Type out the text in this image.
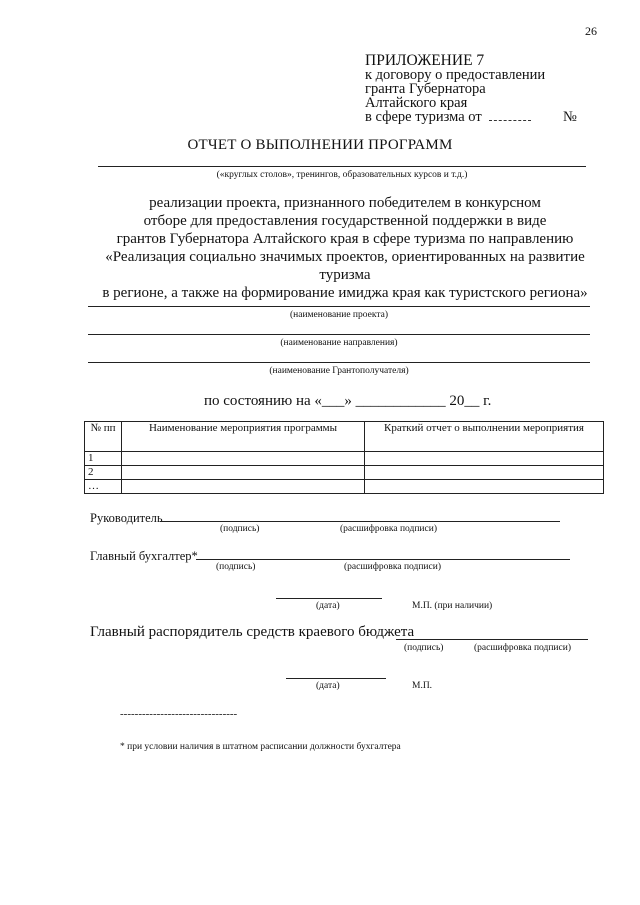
26
ПРИЛОЖЕНИЕ 7
к договору о предоставлении
гранта Губернатора
Алтайского края
в сфере туризма от	№
ОТЧЕТ О ВЫПОЛНЕНИИ ПРОГРАММ
(«круглых столов», тренингов, образовательных курсов и т.д.)
реализации проекта, признанного победителем в конкурсном
отборе для предоставления государственной поддержки в виде
грантов Губернатора Алтайского края в сфере туризма по направлению
«Реализация социально значимых проектов, ориентированных на развитие туризма
в регионе, а также на формирование имиджа края как туристского региона»
(наименование проекта)
(наименование направления)
(наименование Грантополучателя)
по состоянию на «___» ____________ 20__ г.
№ пп	Наименование мероприятия программы	Краткий отчет о выполнении мероприятия
1		
2		
…		
Руководитель
(подпись)	(расшифровка подписи)
Главный бухгалтер*
(подпись)	(расшифровка подписи)
(дата)	М.П. (при наличии)
Главный распорядитель средств краевого бюджета
(подпись)	(расшифровка подписи)
(дата)	М.П.
--------------------------------
* при условии наличия в штатном расписании должности бухгалтера
